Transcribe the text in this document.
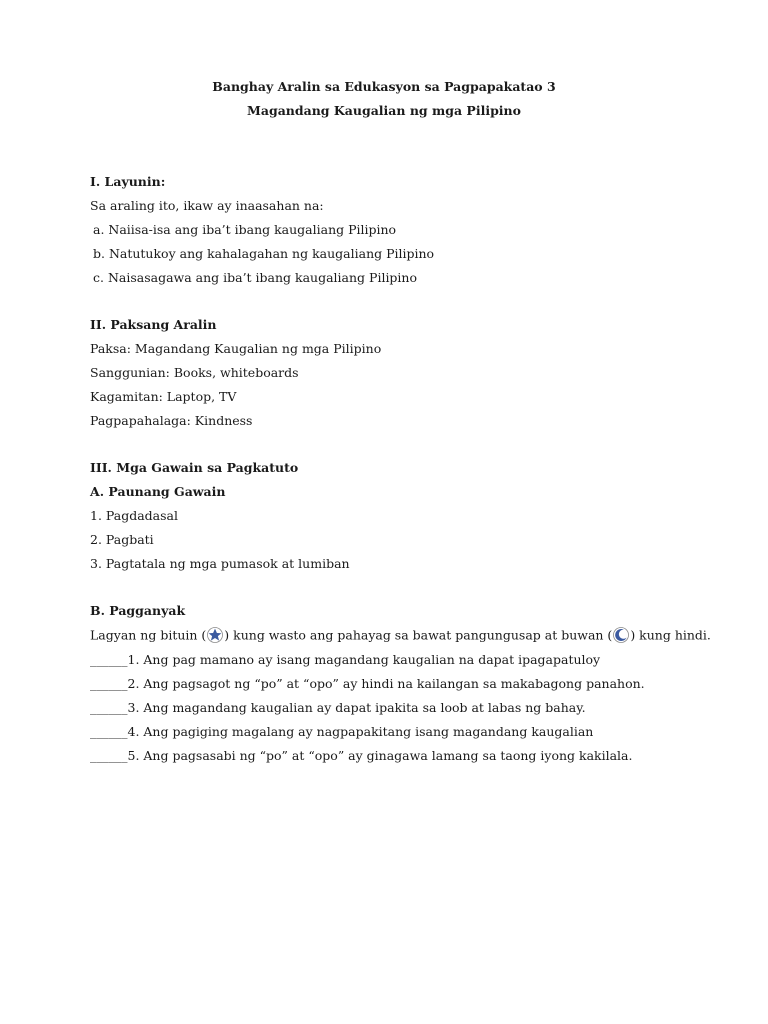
Banghay Aralin sa Edukasyon sa Pagpapakatao 3
Magandang Kaugalian ng mga Pilipino
I. Layunin:
Sa araling ito, ikaw ay inaasahan na:
a. Naiisa-isa ang iba’t ibang kaugaliang Pilipino
b. Natutukoy ang kahalagahan ng kaugaliang Pilipino
c. Naisasagawa ang iba’t ibang kaugaliang Pilipino
II. Paksang Aralin
Paksa: Magandang Kaugalian ng mga Pilipino
Sanggunian: Books, whiteboards
Kagamitan: Laptop, TV
Pagpapahalaga: Kindness
III. Mga Gawain sa Pagkatuto
A. Paunang Gawain
1. Pagdadasal
2. Pagbati
3. Pagtatala ng mga pumasok at lumiban
B. Pagganyak
Lagyan ng bituin ( ) kung wasto ang pahayag sa bawat pangungusap at buwan ( ) kung hindi.
______1. Ang pag mamano ay isang magandang kaugalian na dapat ipagapatuloy
______2. Ang pagsagot ng “po” at “opo” ay hindi na kailangan sa makabagong panahon.
______3. Ang magandang kaugalian ay dapat ipakita sa loob at labas ng bahay.
______4. Ang pagiging magalang ay nagpapakitang isang magandang kaugalian
______5. Ang pagsasabi ng “po” at “opo” ay ginagawa lamang sa taong iyong kakilala.
